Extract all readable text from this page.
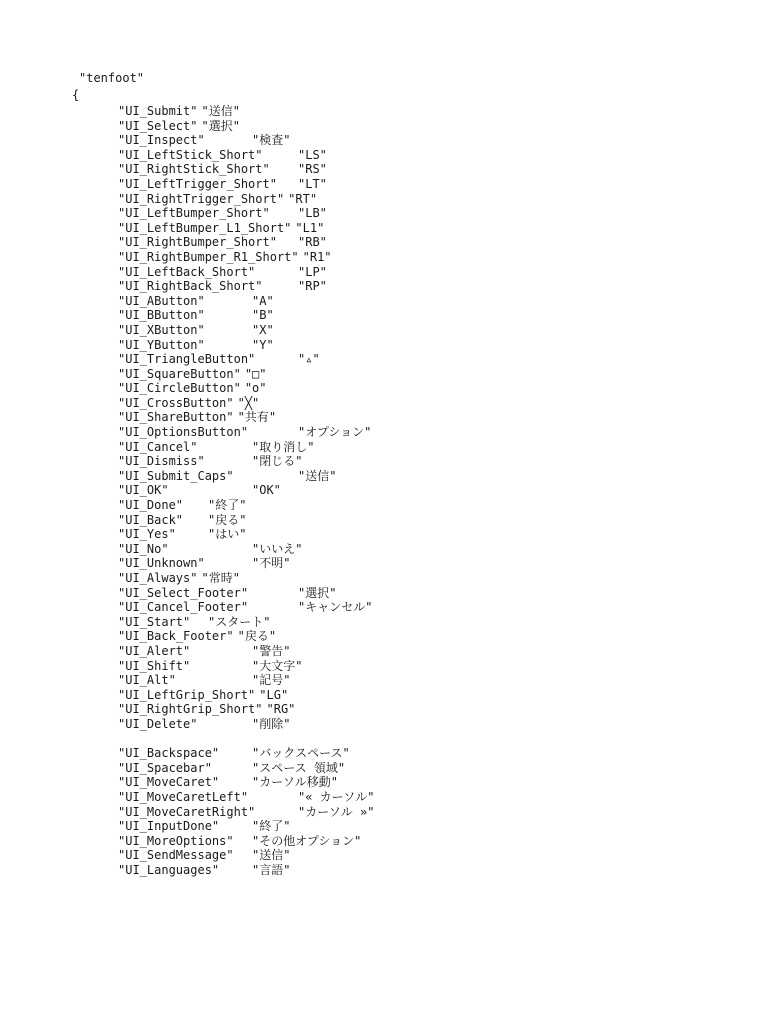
"tenfoot"
{
"UI_Submit" "送信"
"UI_Select" "選択"
"UI_Inspect"	"検査"
"UI_LeftStick_Short"	"LS"
"UI_RightStick_Short" "RS"
"UI_LeftTrigger_Short" "LT"
"UI_RightTrigger_Short" "RT"
"UI_LeftBumper_Short" "LB"
"UI_LeftBumper_L1_Short" "L1"
"UI_RightBumper_Short" "RB"
"UI_RightBumper_R1_Short" "R1"
"UI_LeftBack_Short"	"LP"
"UI_RightBack_Short"	"RP"
"UI_AButton"	"A"
"UI_BButton"	"B"
"UI_XButton"	"X"
"UI_YButton"	"Y"
"UI_TriangleButton"	"▵"
"UI_SquareButton" "□"
"UI_CircleButton" "o"
"UI_CrossButton" "╳"
"UI_ShareButton" "共有"
"UI_OptionsButton"	"オプション"
"UI_Cancel"	"取り消し"
"UI_Dismiss"	"閉じる"
"UI_Submit_Caps"	"送信"
"UI_OK"	"OK"
"UI_Done" "終了"
"UI_Back" "戻る"
"UI_Yes"	"はい"
"UI_No"	"いいえ"
"UI_Unknown"	"不明"
"UI_Always" "常時"
"UI_Select_Footer"	"選択"
"UI_Cancel_Footer"	"キャンセル"
"UI_Start" "スタート"
"UI_Back_Footer" "戻る"
"UI_Alert"	"警告"
"UI_Shift"	"大文字"
"UI_Alt"	"記号"
"UI_LeftGrip_Short" "LG"
"UI_RightGrip_Short" "RG"
"UI_Delete"	"削除"
"UI_Backspace"	"バックスペース"
"UI_Spacebar"	"スペース 領域"
"UI_MoveCaret"	"カーソル移動"
"UI_MoveCaretLeft"	"« カーソル"
"UI_MoveCaretRight"	"カーソル »"
"UI_InputDone"	"終了"
"UI_MoreOptions" "その他オプション"
"UI_SendMessage" "送信"
"UI_Languages"	"言語"
